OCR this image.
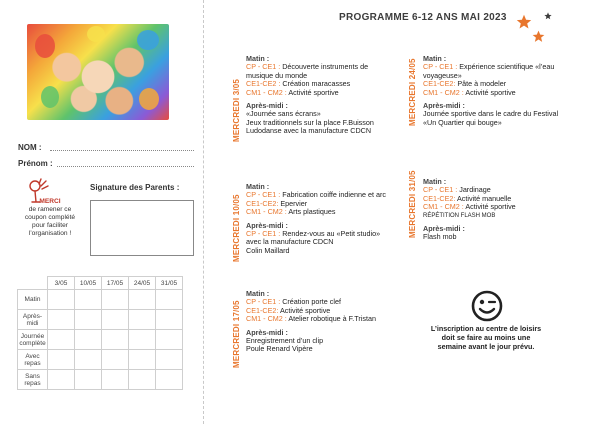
NOM :
Prénom :
MERCI
de ramener ce coupon complété pour faciliter l’organisation !
Signature des Parents :
	3/05	10/05	17/05	24/05	31/05
Matin					
Après-midi					
Journée complète					
Avec repas					
Sans repas					
PROGRAMME 6-12 ANS MAI 2023
MERCREDI 3/05
Matin :
CP - CE1 : Découverte instruments de
musique du monde
CE1-CE2 : Création maracasses
CM1 - CM2 : Activité sportive
Après-midi :
«Journée sans écrans»
Jeux traditionnels sur la place F.Buisson
Ludodanse avec la manufacture CDCN
MERCREDI 24/05 Matin :
CP - CE1 : Expérience scientifique «l’eau
voyageuse»
CE1-CE2: Pâte à modeler
CM1 - CM2 : Activité sportive
Après-midi :
Journée sportive dans le cadre du Festival
«Un Quartier qui bouge»
MERCREDI 10/05
Matin :
CP - CE1 : Fabrication coiffe indienne et arc
CE1-CE2: Epervier
CM1 - CM2 : Arts plastiques
Après-midi :
CP - CE1 : Rendez-vous au «Petit studio»
avec la manufacture CDCN
Colin Maillard
MERCREDI 31/05 Matin :
CP - CE1 : Jardinage
CE1-CE2: Activité manuelle
CM1 - CM2 : Activité sportive
RÉPÉTITION FLASH MOB
Après-midi :
Flash mob
MERCREDI 17/05
Matin :
CP - CE1 : Création porte clef
CE1-CE2: Activité sportive
CM1 - CM2 : Atelier robotique à F.Tristan
Après-midi :
Enregistrement d’un clip
Poule Renard Vipère
L’inscription au centre de loisirs doit se faire au moins une semaine avant le jour prévu.
